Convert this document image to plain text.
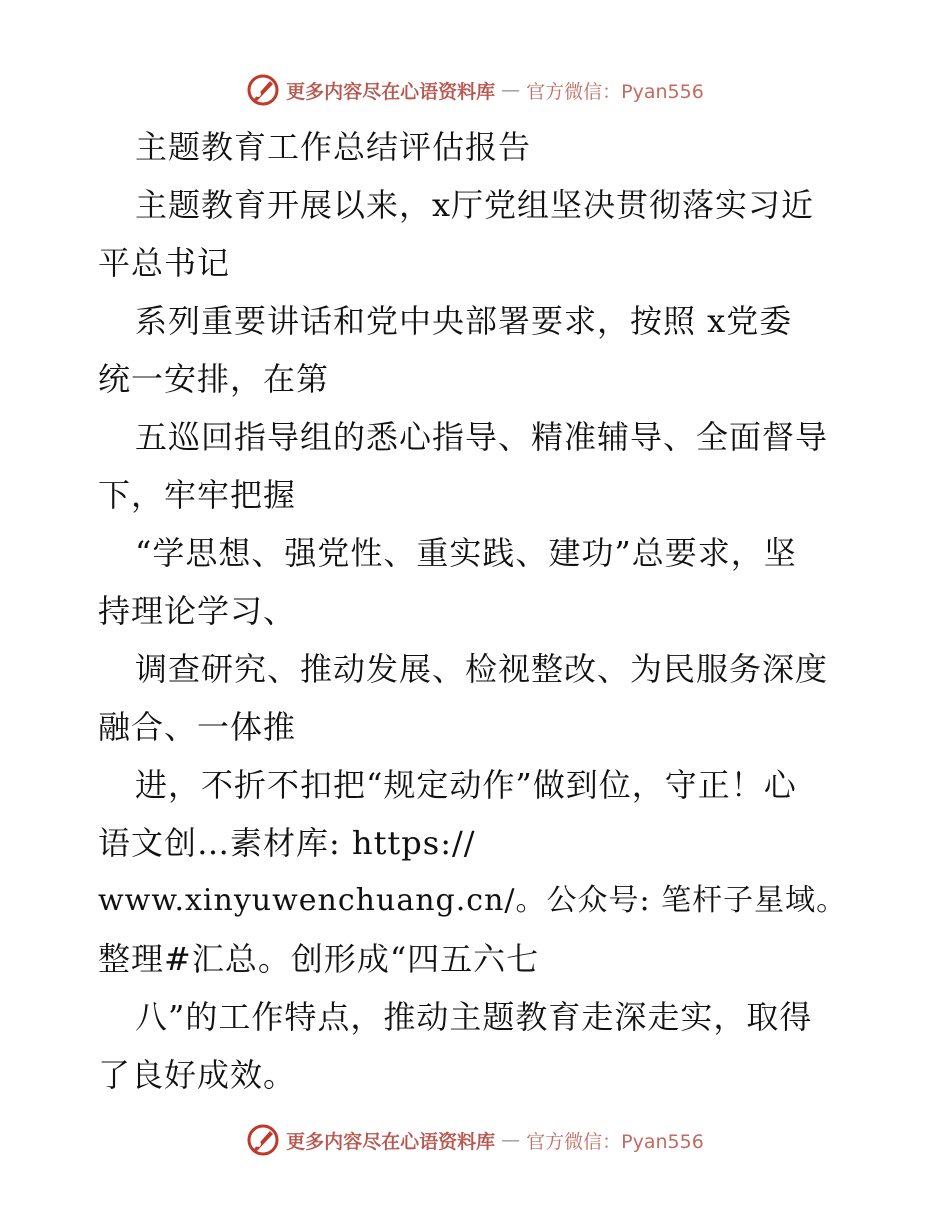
更多内容尽在心语资料库 — 官方微信：Pyan556
主题教育工作总结评估报告
主题教育开展以来，x厅党组坚决贯彻落实习近
平总书记
系列重要讲话和党中央部署要求，按照 x党委
统一安排，在第
五巡回指导组的悉心指导、精准辅导、全面督导
下，牢牢把握
“学思想、强党性、重实践、建功”总要求，坚
持理论学习、
调查研究、推动发展、检视整改、为民服务深度
融合、一体推
进，不折不扣把“规定动作”做到位，守正！心
语文创…素材库: https://
www.xinyuwenchuang.cn/。公众号: 笔杆子星域。
整理#汇总。创形成“四五六七
八”的工作特点，推动主题教育走深走实，取得
了良好成效。
更多内容尽在心语资料库 — 官方微信：Pyan556
